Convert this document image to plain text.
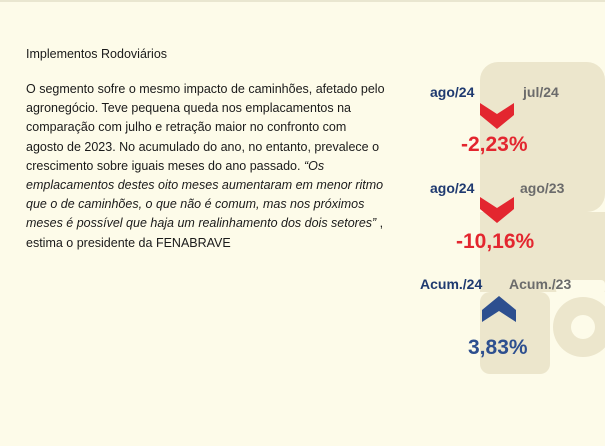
Implementos Rodoviários

O segmento sofre o mesmo impacto de caminhões, afetado pelo agronegócio. Teve pequena queda nos emplacamentos na comparação com julho e retração maior no confronto com agosto de 2023. No acumulado do ano, no entanto, prevalece o crescimento sobre iguais meses do ano passado. “Os emplacamentos destes oito meses aumentaram em menor ritmo que o de caminhões, o que não é comum, mas nos próximos meses é possível que haja um realinhamento dos dois setores” , estima o presidente da FENABRAVE

ago/24	jul/24
-2,23%
ago/24	ago/23
-10,16%
Acum./24 Acum./23
3,83%
